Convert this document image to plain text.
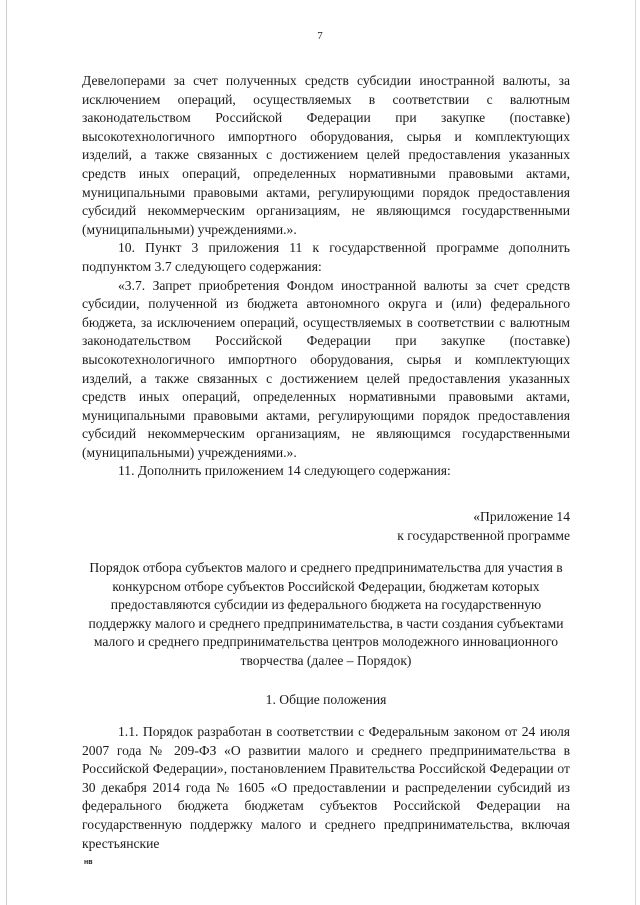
7

Девелоперами за счет полученных средств субсидии иностранной валюты, за исключением операций, осуществляемых в соответствии с валютным законодательством Российской Федерации при закупке (поставке) высокотехнологичного импортного оборудования, сырья и комплектующих изделий, а также связанных с достижением целей предоставления указанных средств иных операций, определенных нормативными правовыми актами, муниципальными правовыми актами, регулирующими порядок предоставления субсидий некоммерческим организациям, не являющимся государственными (муниципальными) учреждениями.».

10. Пункт 3 приложения 11 к государственной программе дополнить подпунктом 3.7 следующего содержания:

«3.7. Запрет приобретения Фондом иностранной валюты за счет средств субсидии, полученной из бюджета автономного округа и (или) федерального бюджета, за исключением операций, осуществляемых в соответствии с валютным законодательством Российской Федерации при закупке (поставке) высокотехнологичного импортного оборудования, сырья и комплектующих изделий, а также связанных с достижением целей предоставления указанных средств иных операций, определенных нормативными правовыми актами, муниципальными правовыми актами, регулирующими порядок предоставления субсидий некоммерческим организациям, не являющимся государственными (муниципальными) учреждениями.».

11. Дополнить приложением 14 следующего содержания:

«Приложение 14
к государственной программе
Порядок отбора субъектов малого и среднего предпринимательства для участия в конкурсном отборе субъектов Российской Федерации, бюджетам которых предоставляются субсидии из федерального бюджета на государственную поддержку малого и среднего предпринимательства, в части создания субъектами малого и среднего предпринимательства центров молодежного инновационного творчества (далее – Порядок)
1. Общие положения

1.1. Порядок разработан в соответствии с Федеральным законом от 24 июля 2007 года № 209-ФЗ «О развитии малого и среднего предпринимательства в Российской Федерации», постановлением Правительства Российской Федерации от 30 декабря 2014 года № 1605 «О предоставлении и распределении субсидий из федерального бюджета бюджетам субъектов Российской Федерации на государственную поддержку малого и среднего предпринимательства, включая крестьянские

нв
